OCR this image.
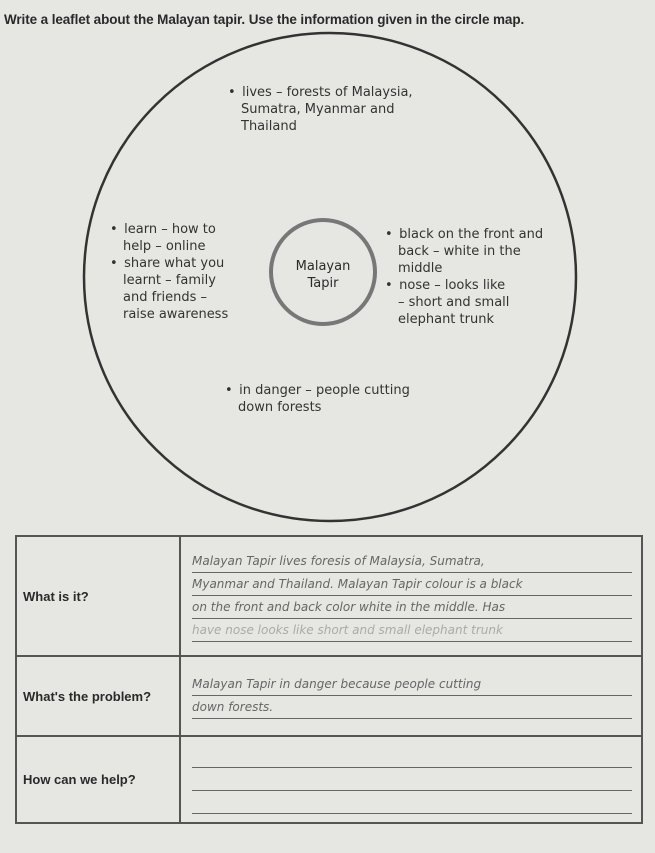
Write a leaflet about the Malayan tapir. Use the information given in the circle map.
Malayan
Tapir
• lives – forests of Malaysia,
Sumatra, Myanmar and
Thailand
• learn – how to
help – online
• share what you
learnt – family
and friends –
raise awareness
• black on the front and
back – white in the
middle
• nose – looks like
– short and small
elephant trunk
• in danger – people cutting
down forests
What is it?	Malayan Tapir lives foresis of Malaysia, Sumatra,
Myanmar and Thailand. Malayan Tapir colour is a black
on the front and back color white in the middle. Has
have nose looks like short and small elephant trunk

What's the problem?	Malayan Tapir in danger because people cutting
down forests.

How can we help?	
